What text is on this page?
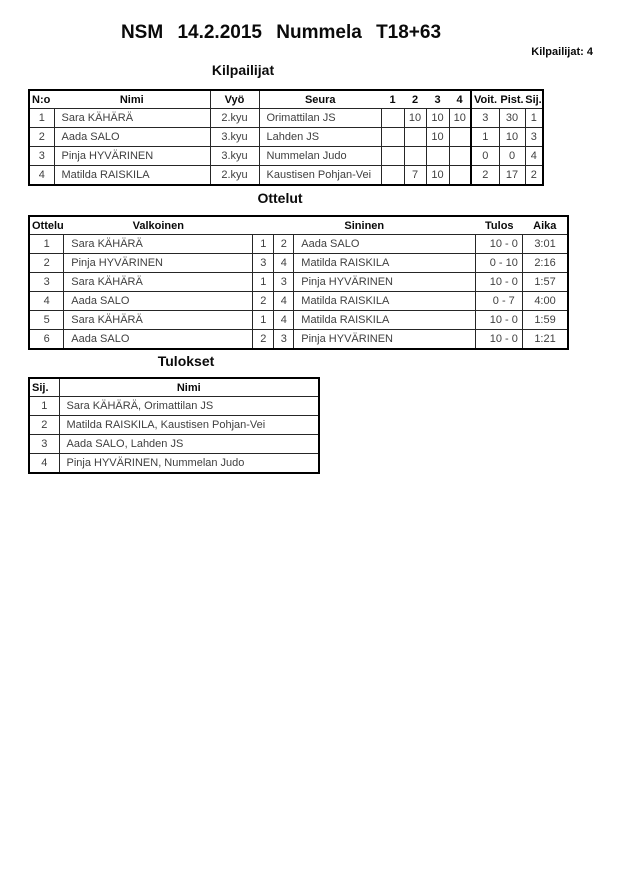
NSM 14.2.2015 Nummela T18+63
Kilpailijat: 4
Kilpailijat
N:o	Nimi	Vyö	Seura	1	2	3	4	Voit.	Pist.	Sij.
1	Sara KÄHÄRÄ	2.kyu	Orimattilan JS		10	10	10	3	30	1
2	Aada SALO	3.kyu	Lahden JS			10		1	10	3
3	Pinja HYVÄRINEN	3.kyu	Nummelan Judo					0	0	4
4	Matilda RAISKILA	2.kyu	Kaustisen Pohjan-Vei		7	10		2	17	2
Ottelut
Ottelu	Valkoinen	Sininen			Tulos	Aika
1	Sara KÄHÄRÄ	1	2	Aada SALO	10 - 0	3:01
2	Pinja HYVÄRINEN	3	4	Matilda RAISKILA	0 - 10	2:16
3	Sara KÄHÄRÄ	1	3	Pinja HYVÄRINEN	10 - 0	1:57
4	Aada SALO	2	4	Matilda RAISKILA	0 - 7	4:00
5	Sara KÄHÄRÄ	1	4	Matilda RAISKILA	10 - 0	1:59
6	Aada SALO	2	3	Pinja HYVÄRINEN	10 - 0	1:21
Tulokset
Sij.	Nimi
1	Sara KÄHÄRÄ, Orimattilan JS
2	Matilda RAISKILA, Kaustisen Pohjan-Vei
3	Aada SALO, Lahden JS
4	Pinja HYVÄRINEN, Nummelan Judo
